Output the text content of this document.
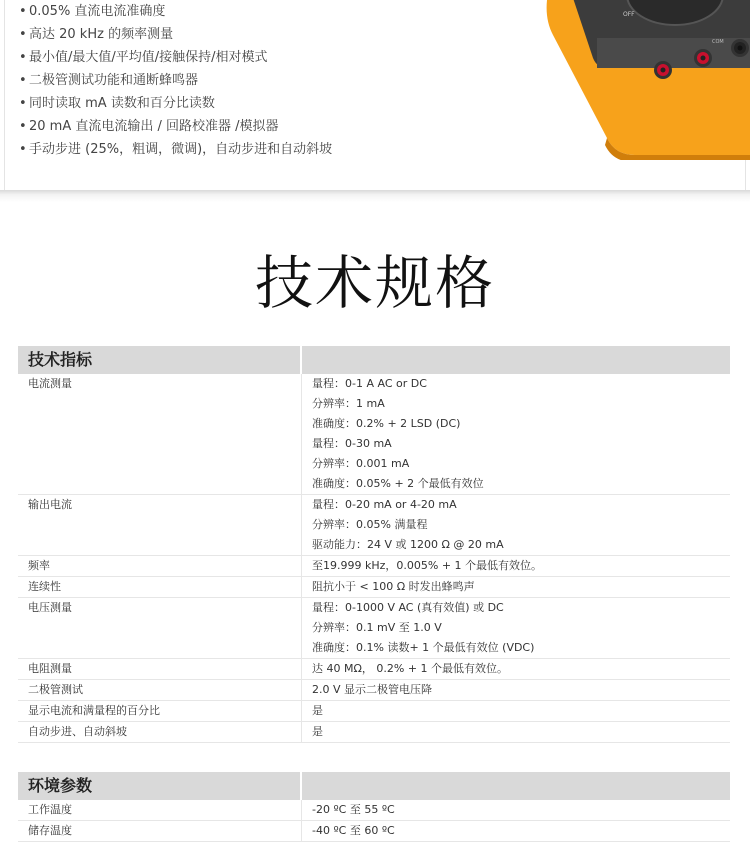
• 0.05% 直流电流准确度
• 高达 20 kHz 的频率测量
• 最小值/最大值/平均值/接触保持/相对模式
• 二极管测试功能和通断蜂鸣器
• 同时读取 mA 读数和百分比读数
• 20 mA 直流电流输出 / 回路校准器 /模拟器
• 手动步进 (25%，粗调，微调)，自动步进和自动斜坡
OFF
COM
技术规格
技术指标
电流测量	量程：0-1 A AC or DC
分辨率：1 mA
准确度：0.2% + 2 LSD (DC)
量程：0-30 mA
分辨率：0.001 mA
准确度：0.05% + 2 个最低有效位
输出电流	量程：0-20 mA or 4-20 mA
分辨率：0.05% 满量程
驱动能力：24 V 或 1200 Ω @ 20 mA
频率	至19.999 kHz，0.005% + 1 个最低有效位。
连续性	阻抗小于 < 100 Ω 时发出蜂鸣声
电压测量	量程：0-1000 V AC (真有效值) 或 DC
分辨率：0.1 mV 至 1.0 V
准确度：0.1% 读数+ 1 个最低有效位 (VDC)
电阻测量	达 40 MΩ， 0.2% + 1 个最低有效位。
二极管测试	2.0 V 显示二极管电压降
显示电流和满量程的百分比	是
自动步进、自动斜坡	是
环境参数
工作温度	-20 ºC 至 55 ºC
储存温度	-40 ºC 至 60 ºC
